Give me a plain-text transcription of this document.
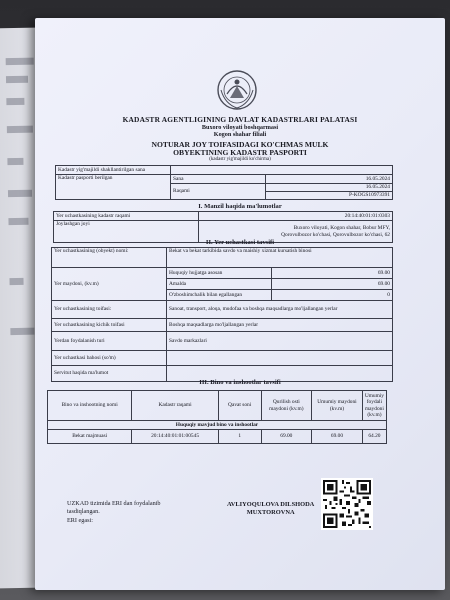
KADASTR AGENTLIGINING DAVLAT KADASTRLARI PALATASI
Buxoro viloyati boshqarmasi
Kogon shahar filiali
NOTURAR JOY TOIFASIDAGI KO'CHMAS MULK
OBYEKTINING KADASTR PASPORTI
(kadastr yig'majildi ko'chirma)
Kadastr yig'majildi shakllantirilgan sana		
Kadastr pasporti berilgan	Sana	16.05.2024
	Raqami	16.05.2024
		P-KOGS10973391
I. Manzil haqida ma'lumotlar
Yer uchastkasining kadastr raqami	20:14:40:01:01:0303
Joylashgan joyi	Buxoro viloyati, Kogon shahar, Bobur MFY,
Qorovulbozor ko'chasi, Qorovulbozor ko'chasi, 62
II. Yer uchastkasi tavsifi
Yer uchastkasining (obyekt) nomi:	Bekat va bekat tarkibida savdo va maishiy xizmat kursatish binosi	
Yer maydoni, (kv.m)	Huquqiy hujjatga asosan	69.00
	Amalda	69.00
	O'zboshimchalik bilan egallangan	0
Yer uchastkasining toifasi:	Sanoat, transport, aloqa, mudofaa va boshqa maqsadlarga mo'ljallangan yerlar	
Yer uchastkasining kichik toifasi	Boshqa maqsadlarga mo'ljallangan yerlar	
Yerdan foydalanish turi	Savdo markazlari	
Yer uchastkasi bahosi (so'm)		
Servitut haqida ma'lumot		
III. Bino va inshootlar tavsifi
Bino va inshootning nomi	Kadastr raqami	Qavat soni	Qurilish osti maydoni (kv.m)	Umumiy maydoni (kv.m)	Umumiy foydali maydoni (kv.m)
Huquqiy mavjud bino va inshootlar					
Bekat majmuasi	20:14:40:01:01:00545	1	69.00	69.00	64.20
UZKAD tizimida ERI dan foydalanib
tasdiqlangan.
ERI egasi:
AVLIYOQULOVA DILSHODA
MUXTOROVNA
